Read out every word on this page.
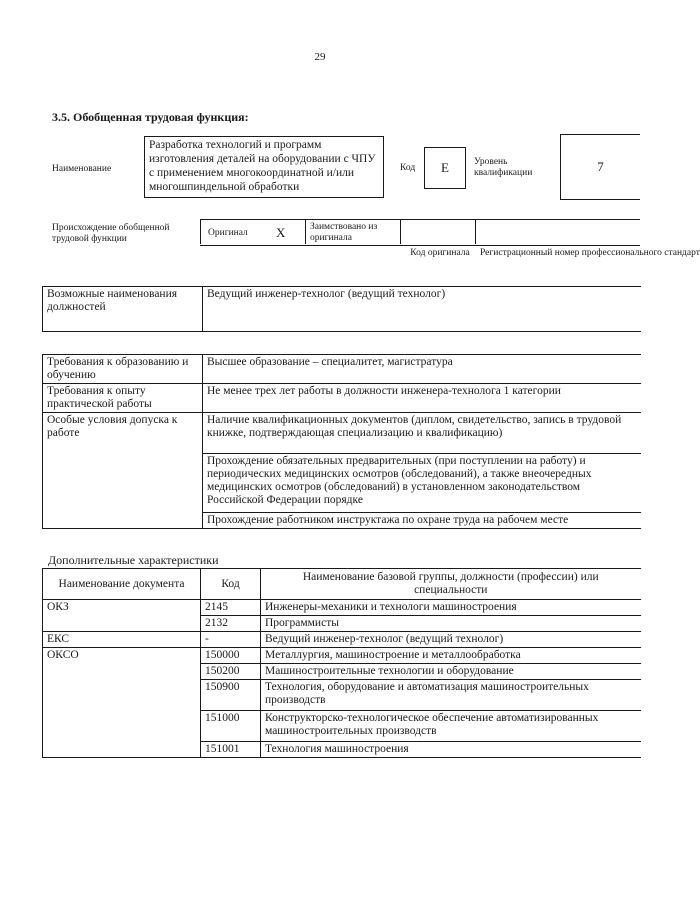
29
3.5. Обобщенная трудовая функция:
Наименование
Разработка технологий и программ изготовления деталей на оборудовании с ЧПУ с применением многокоординатной и/или многошпиндельной обработки
Код	E	Уровень квалификации	7
Происхождение обобщенной трудовой функции
Оригинал X	Заимствовано из оригинала
Код оригинала Регистрационный номер профессионального стандарт
Возможные наименования должностей	Ведущий инженер-технолог (ведущий технолог)
Требования к образованию и обучению	Высшее образование – специалитет, магистратура
Требования к опыту практической работы	Не менее трех лет работы в должности инженера-технолога 1 категории
Особые условия допуска к работе	Наличие квалификационных документов (диплом, свидетельство, запись в трудовой книжке, подтверждающая специализацию и квалификацию)
	Прохождение обязательных предварительных (при поступлении на работу) и периодических медицинских осмотров (обследований), а также внеочередных медицинских осмотров (обследований) в установленном законодательством Российской Федерации порядке
	Прохождение работником инструктажа по охране труда на рабочем месте
Дополнительные характеристики
Наименование документа	Код	Наименование базовой группы, должности (профессии) или специальности
ОКЗ	2145	Инженеры-механики и технологи машиностроения
	2132	Программисты
ЕКС	-	Ведущий инженер-технолог (ведущий технолог)
ОКСО	150000	Металлургия, машиностроение и металлообработка
	150200	Машиностроительные технологии и оборудование
	150900	Технология, оборудование и автоматизация машиностроительных производств
	151000	Конструкторско-технологическое обеспечение автоматизированных машиностроительных производств
	151001	Технология машиностроения
